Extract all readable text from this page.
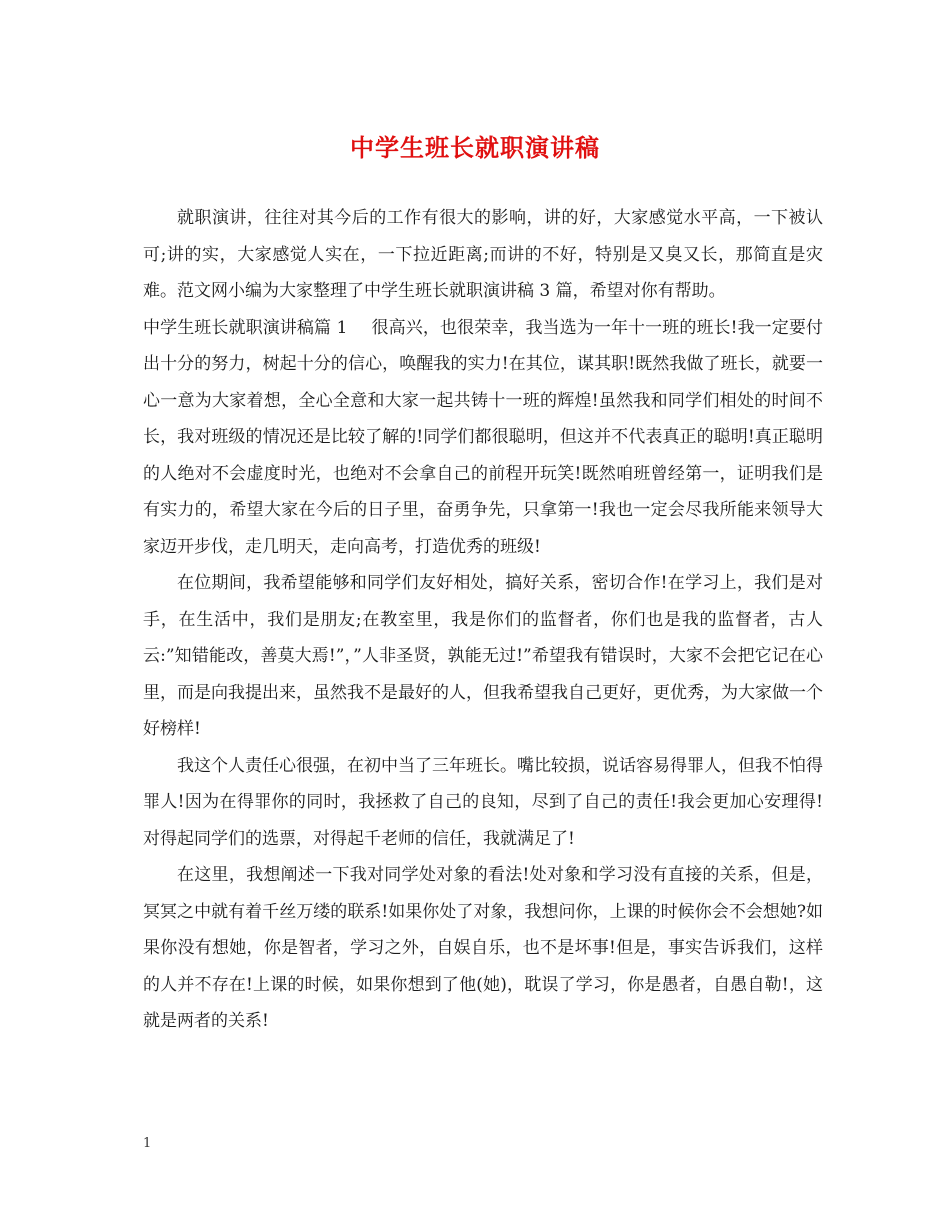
中学生班长就职演讲稿

就职演讲，往往对其今后的工作有很大的影响，讲的好，大家感觉水平高，一下被认可;讲的实，大家感觉人实在，一下拉近距离;而讲的不好，特别是又臭又长，那简直是灾难。范文网小编为大家整理了中学生班长就职演讲稿 3 篇，希望对你有帮助。

中学生班长就职演讲稿篇 1 很高兴，也很荣幸，我当选为一年十一班的班长!我一定要付出十分的努力，树起十分的信心，唤醒我的实力!在其位，谋其职!既然我做了班长，就要一心一意为大家着想，全心全意和大家一起共铸十一班的辉煌!虽然我和同学们相处的时间不长，我对班级的情况还是比较了解的!同学们都很聪明，但这并不代表真正的聪明!真正聪明的人绝对不会虚度时光，也绝对不会拿自己的前程开玩笑!既然咱班曾经第一，证明我们是有实力的，希望大家在今后的日子里，奋勇争先，只拿第一!我也一定会尽我所能来领导大家迈开步伐，走几明天，走向高考，打造优秀的班级!

在位期间，我希望能够和同学们友好相处，搞好关系，密切合作!在学习上，我们是对手，在生活中，我们是朋友;在教室里，我是你们的监督者，你们也是我的监督者，古人云:”知错能改，善莫大焉!”，”人非圣贤，孰能无过!”希望我有错误时，大家不会把它记在心里，而是向我提出来，虽然我不是最好的人，但我希望我自己更好，更优秀，为大家做一个好榜样!

我这个人责任心很强，在初中当了三年班长。嘴比较损，说话容易得罪人，但我不怕得罪人!因为在得罪你的同时，我拯救了自己的良知，尽到了自己的责任!我会更加心安理得!对得起同学们的选票，对得起千老师的信任，我就满足了!

在这里，我想阐述一下我对同学处对象的看法!处对象和学习没有直接的关系，但是，冥冥之中就有着千丝万缕的联系!如果你处了对象，我想问你，上课的时候你会不会想她?如果你没有想她，你是智者，学习之外，自娱自乐，也不是坏事!但是，事实告诉我们，这样的人并不存在!上课的时候，如果你想到了他(她)，耽误了学习，你是愚者，自愚自勒!，这就是两者的关系!

1
